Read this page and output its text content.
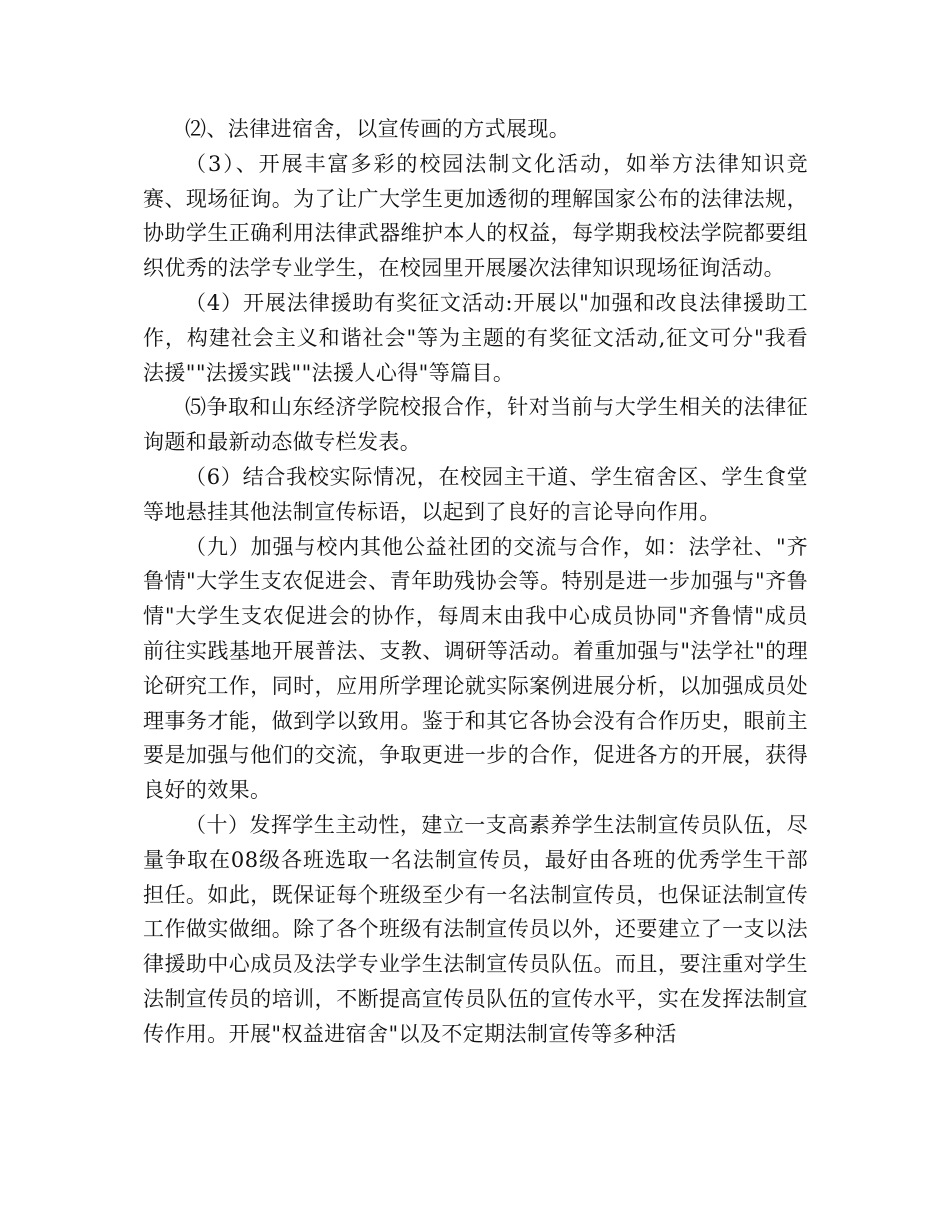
⑵、法律进宿舍，以宣传画的方式展现。

（3）、开展丰富多彩的校园法制文化活动，如举方法律知识竞赛、现场征询。为了让广大学生更加透彻的理解国家公布的法律法规，协助学生正确利用法律武器维护本人的权益，每学期我校法学院都要组织优秀的法学专业学生，在校园里开展屡次法律知识现场征询活动。

（4）开展法律援助有奖征文活动:开展以"加强和改良法律援助工作，构建社会主义和谐社会"等为主题的有奖征文活动,征文可分"我看法援""法援实践""法援人心得"等篇目。

⑸争取和山东经济学院校报合作，针对当前与大学生相关的法律征询题和最新动态做专栏发表。

（6）结合我校实际情况，在校园主干道、学生宿舍区、学生食堂等地悬挂其他法制宣传标语，以起到了良好的言论导向作用。

（九）加强与校内其他公益社团的交流与合作，如：法学社、"齐鲁情"大学生支农促进会、青年助残协会等。特别是进一步加强与"齐鲁情"大学生支农促进会的协作，每周末由我中心成员协同"齐鲁情"成员前往实践基地开展普法、支教、调研等活动。着重加强与"法学社"的理论研究工作，同时，应用所学理论就实际案例进展分析，以加强成员处理事务才能，做到学以致用。鉴于和其它各协会没有合作历史，眼前主要是加强与他们的交流，争取更进一步的合作，促进各方的开展，获得良好的效果。

（十）发挥学生主动性，建立一支高素养学生法制宣传员队伍，尽量争取在08级各班选取一名法制宣传员，最好由各班的优秀学生干部担任。如此，既保证每个班级至少有一名法制宣传员，也保证法制宣传工作做实做细。除了各个班级有法制宣传员以外，还要建立了一支以法律援助中心成员及法学专业学生法制宣传员队伍。而且，要注重对学生法制宣传员的培训，不断提高宣传员队伍的宣传水平，实在发挥法制宣传作用。开展"权益进宿舍"以及不定期法制宣传等多种活
